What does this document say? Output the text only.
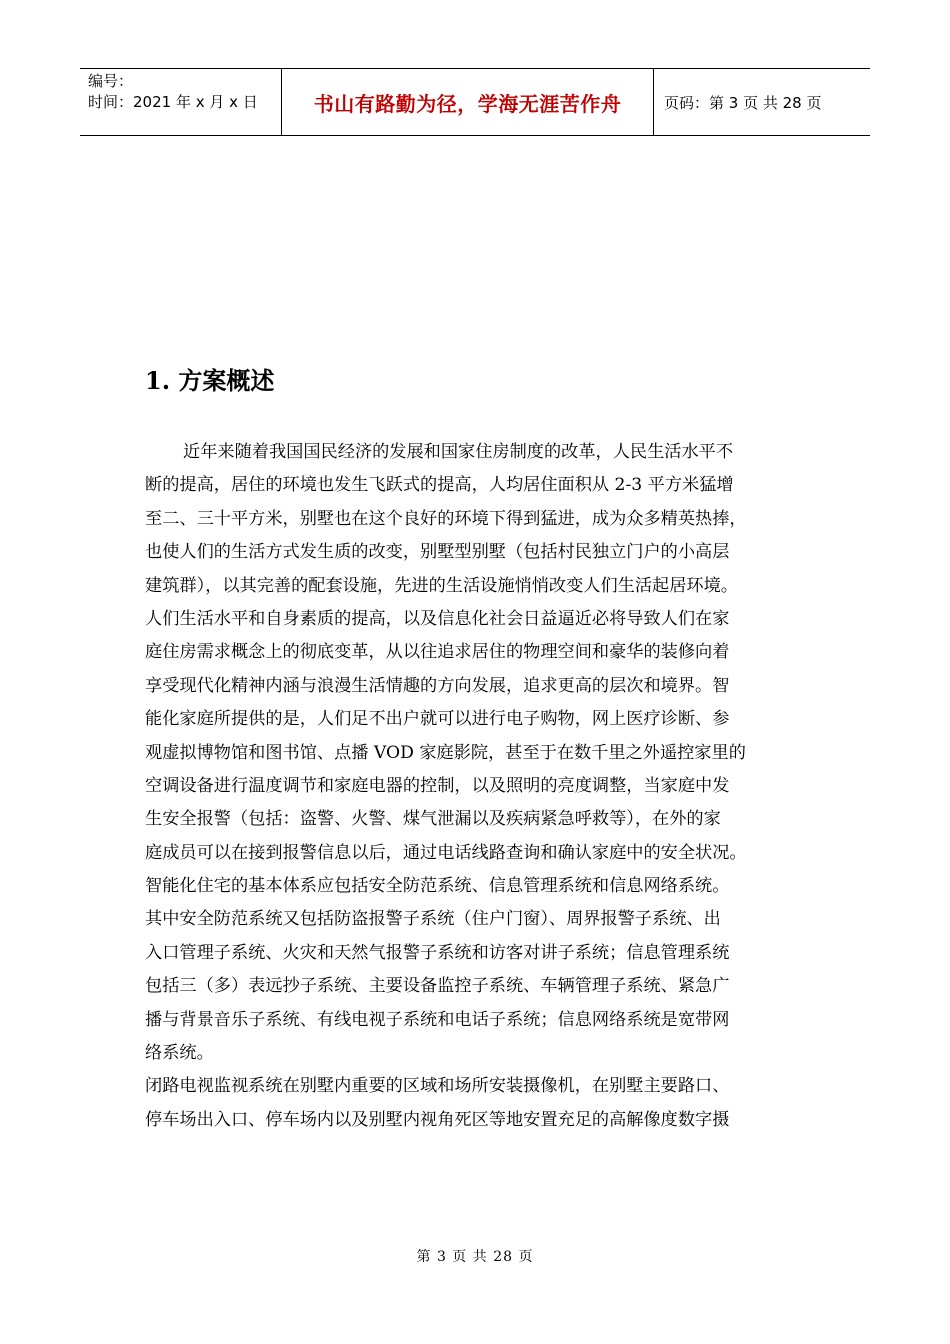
编号：
时间：2021 年 x 月 x 日	书山有路勤为径，学海无涯苦作舟	页码：第 3 页 共 28 页
1. 方案概述
近年来随着我国国民经济的发展和国家住房制度的改革，人民生活水平不
断的提高，居住的环境也发生飞跃式的提高，人均居住面积从 2-3 平方米猛增
至二、三十平方米，别墅也在这个良好的环境下得到猛进，成为众多精英热捧，
也使人们的生活方式发生质的改变，别墅型别墅（包括村民独立门户的小高层
建筑群），以其完善的配套设施，先进的生活设施悄悄改变人们生活起居环境。
人们生活水平和自身素质的提高，以及信息化社会日益逼近必将导致人们在家
庭住房需求概念上的彻底变革，从以往追求居住的物理空间和豪华的装修向着
享受现代化精神内涵与浪漫生活情趣的方向发展，追求更高的层次和境界。智
能化家庭所提供的是，人们足不出户就可以进行电子购物，网上医疗诊断、参
观虚拟博物馆和图书馆、点播 VOD 家庭影院，甚至于在数千里之外遥控家里的
空调设备进行温度调节和家庭电器的控制，以及照明的亮度调整，当家庭中发
生安全报警（包括：盗警、火警、煤气泄漏以及疾病紧急呼救等），在外的家
庭成员可以在接到报警信息以后，通过电话线路查询和确认家庭中的安全状况。
智能化住宅的基本体系应包括安全防范系统、信息管理系统和信息网络系统。
其中安全防范系统又包括防盗报警子系统（住户门窗）、周界报警子系统、出
入口管理子系统、火灾和天然气报警子系统和访客对讲子系统；信息管理系统
包括三（多）表远抄子系统、主要设备监控子系统、车辆管理子系统、紧急广
播与背景音乐子系统、有线电视子系统和电话子系统；信息网络系统是宽带网
络系统。
闭路电视监视系统在别墅内重要的区域和场所安装摄像机，在别墅主要路口、
停车场出入口、停车场内以及别墅内视角死区等地安置充足的高解像度数字摄
第 3 页 共 28 页
